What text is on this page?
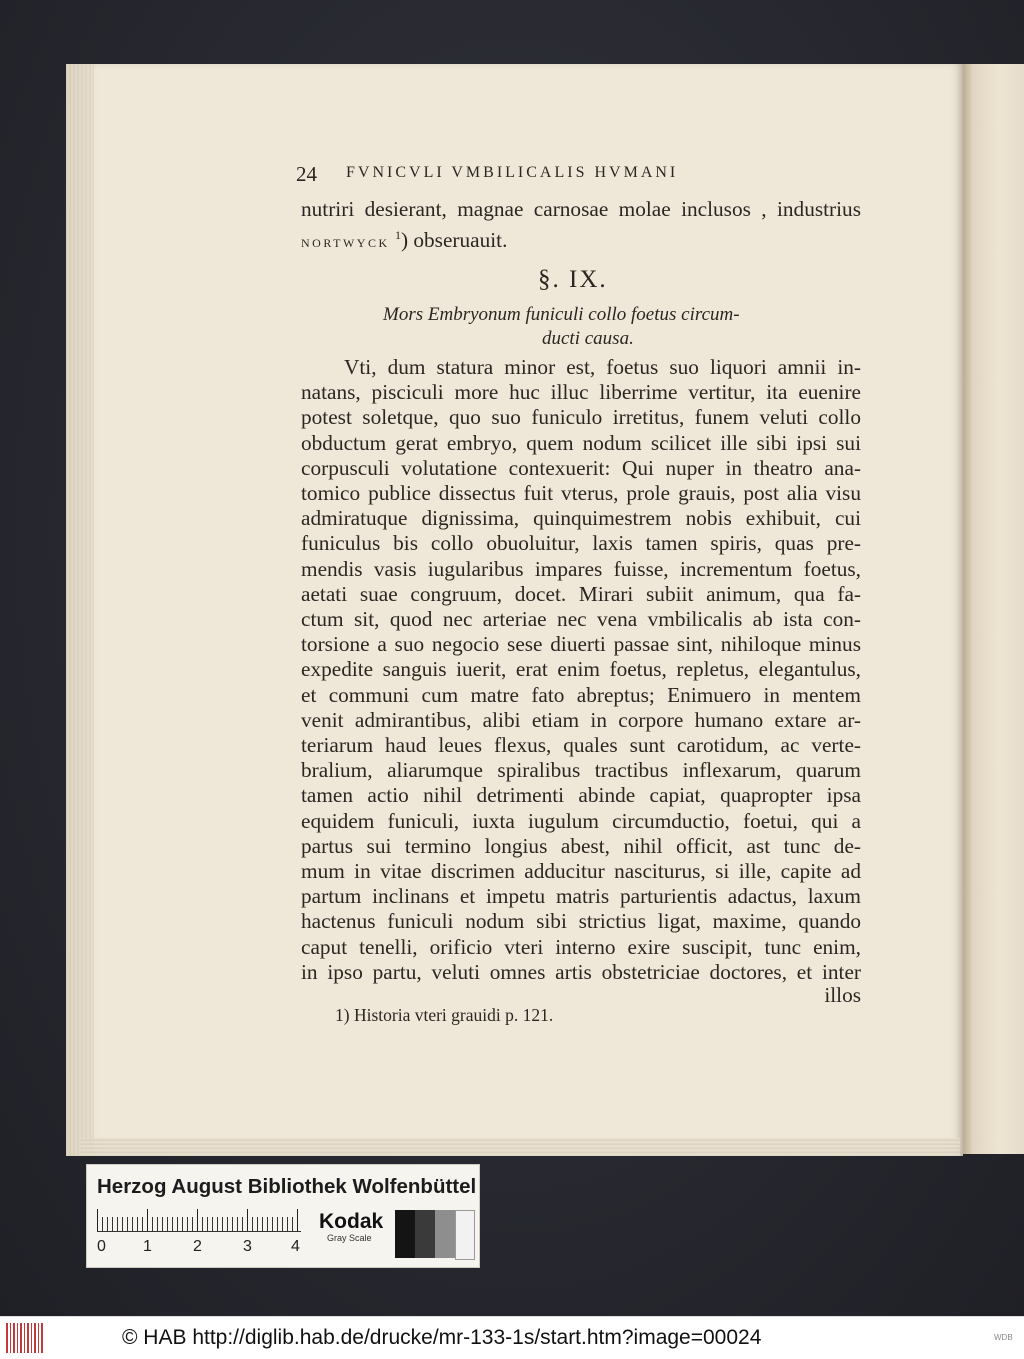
24 FVNICVLI VMBILICALIS HVMANI
nutriri desierant, magnae carnosae molae inclusos , industrius
nortwyck $^1$) obseruauit.
§. IX.
Mors Embryonum funiculi collo foetus circum-
ducti causa.
Vti, dum statura minor est, foetus suo liquori amnii in-
natans, pisciculi more huc illuc liberrime vertitur, ita euenire
potest soletque, quo suo funiculo irretitus, funem veluti collo
obductum gerat embryo, quem nodum scilicet ille sibi ipsi sui
corpusculi volutatione contexuerit: Qui nuper in theatro ana-
tomico publice dissectus fuit vterus, prole grauis, post alia visu
admiratuque dignissima, quinquimestrem nobis exhibuit, cui
funiculus bis collo obuoluitur, laxis tamen spiris, quas pre-
mendis vasis iugularibus impares fuisse, incrementum foetus,
aetati suae congruum, docet. Mirari subiit animum, qua fa-
ctum sit, quod nec arteriae nec vena vmbilicalis ab ista con-
torsione a suo negocio sese diuerti passae sint, nihiloque minus
expedite sanguis iuerit, erat enim foetus, repletus, elegantulus,
et communi cum matre fato abreptus; Enimuero in mentem
venit admirantibus, alibi etiam in corpore humano extare ar-
teriarum haud leues flexus, quales sunt carotidum, ac verte-
bralium, aliarumque spiralibus tractibus inflexarum, quarum
tamen actio nihil detrimenti abinde capiat, quapropter ipsa
equidem funiculi, iuxta iugulum circumductio, foetui, qui a
partus sui termino longius abest, nihil officit, ast tunc de-
mum in vitae discrimen adducitur nasciturus, si ille, capite ad
partum inclinans et impetu matris parturientis adactus, laxum
hactenus funiculi nodum sibi strictius ligat, maxime, quando
caput tenelli, orificio vteri interno exire suscipit, tunc enim,
in ipso partu, veluti omnes artis obstetriciae doctores, et inter
illos
1) Historia vteri grauidi p. 121.
Herzog August Bibliothek Wolfenbüttel
0 1	2	3 4
Kodak
Gray Scale
© HAB http://diglib.hab.de/drucke/mr-133-1s/start.htm?image=00024	WDB
